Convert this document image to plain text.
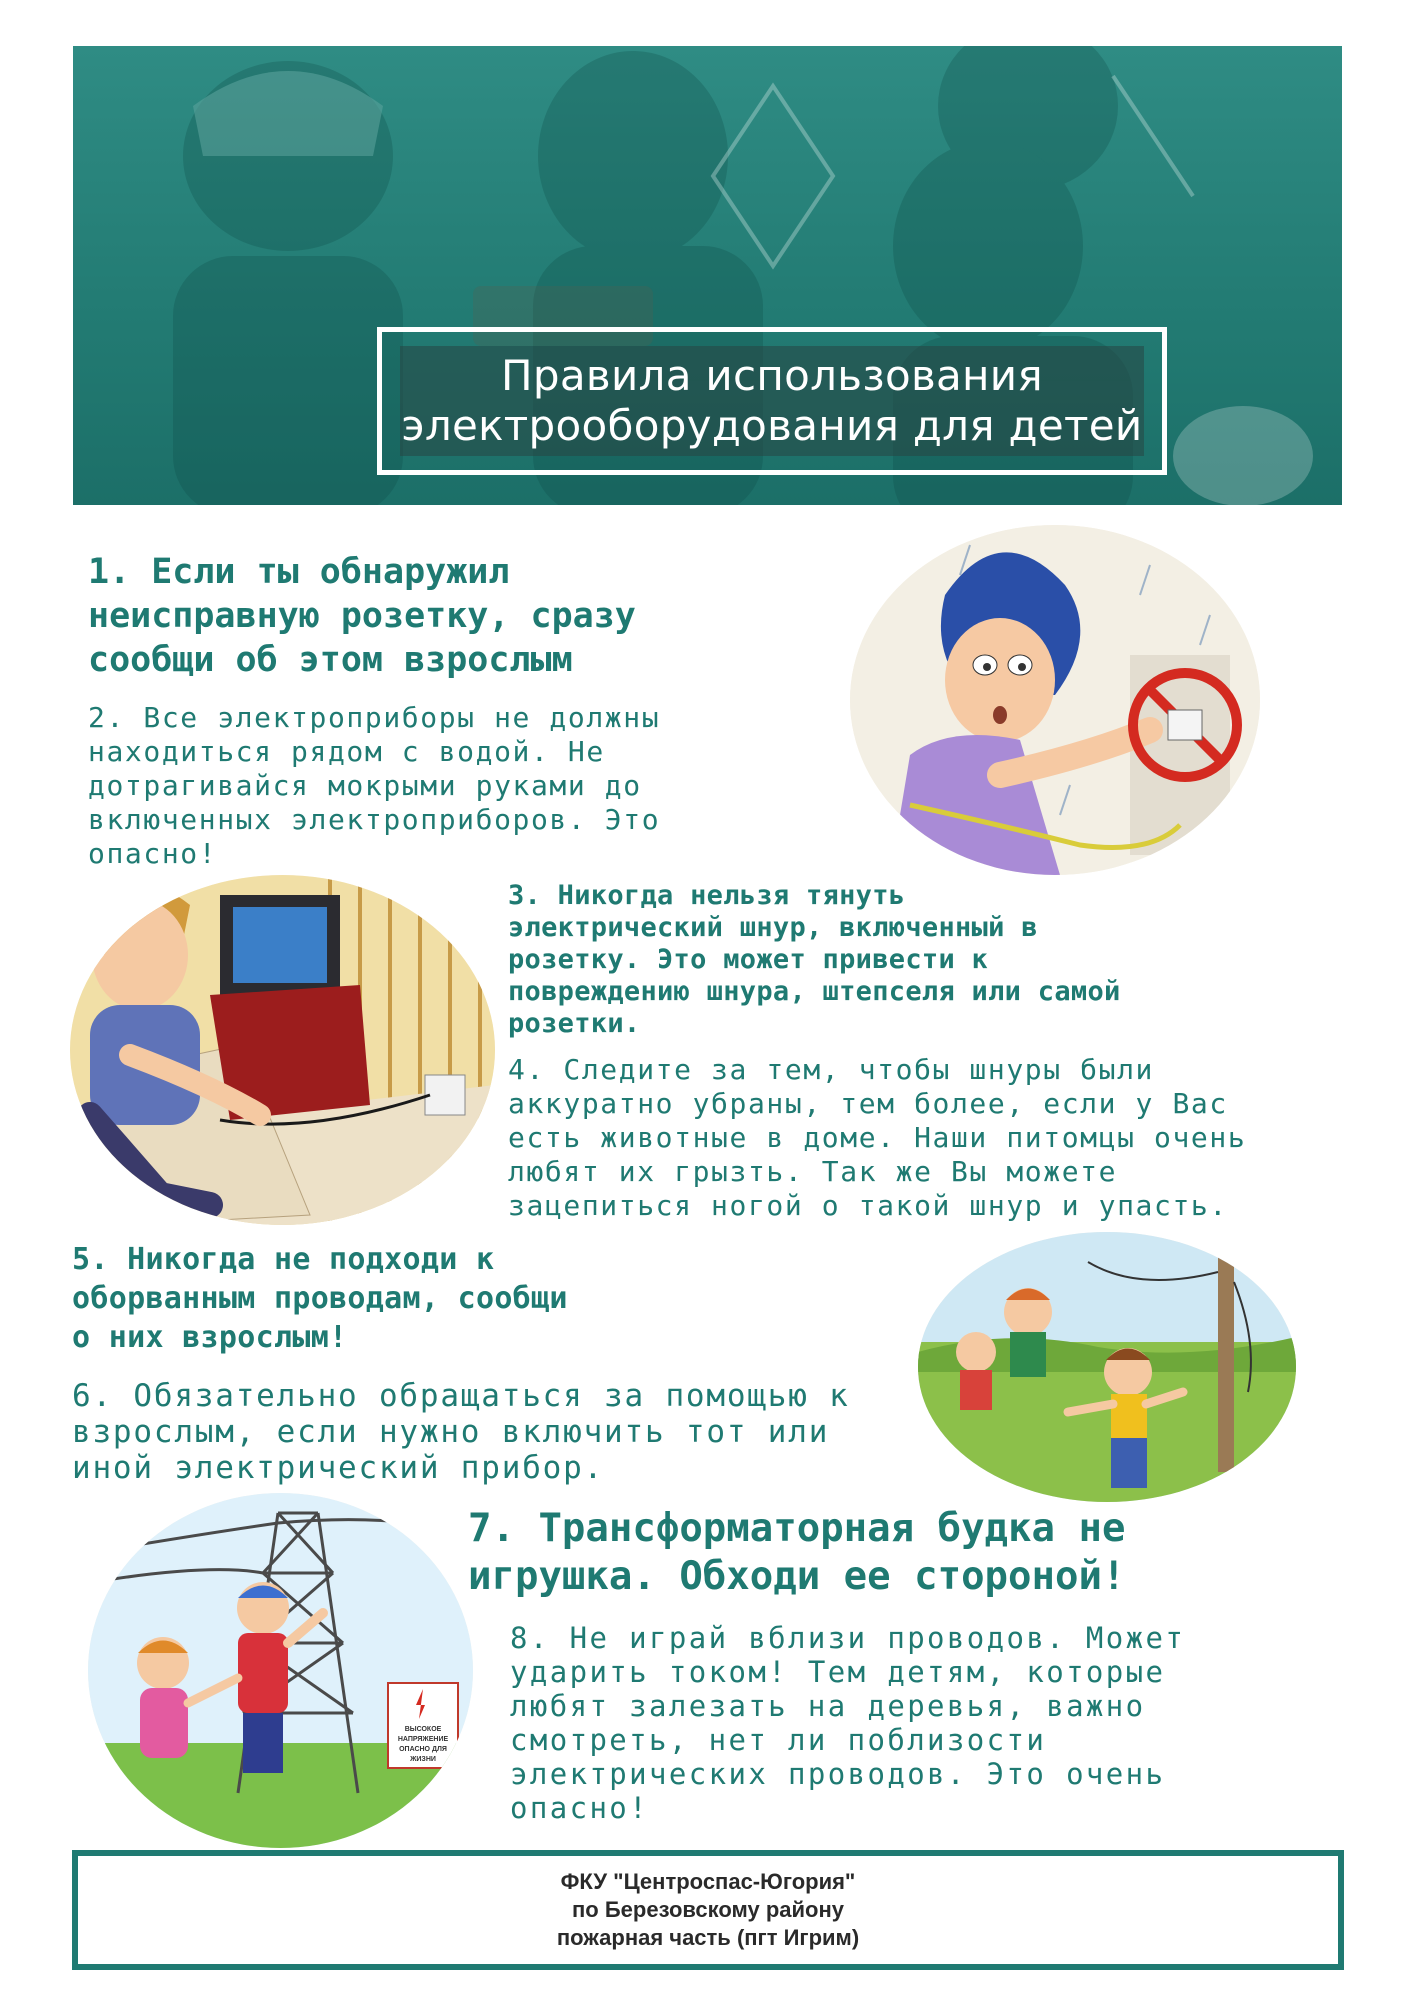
Правила использования
электрооборудования для детей
1. Если ты обнаружил
неисправную розетку, сразу
сообщи об этом взрослым
2. Все электроприборы не должны
находиться рядом с водой. Не
дотрагивайся мокрыми руками до
включенных электроприборов. Это
опасно!
3. Никогда нельзя тянуть
электрический шнур, включенный в
розетку. Это может привести к
повреждению шнура, штепселя или самой
розетки.
4. Следите за тем, чтобы шнуры были
аккуратно убраны, тем более, если у Вас
есть животные в доме. Наши питомцы очень
любят их грызть. Так же Вы можете
зацепиться ногой о такой шнур и упасть.
5. Никогда не подходи к
оборванным проводам, сообщи
о них взрослым!
6. Обязательно обращаться за помощью к
взрослым, если нужно включить тот или
иной электрический прибор.
ВЫСОКОЕ
НАПРЯЖЕНИЕ
ОПАСНО ДЛЯ
ЖИЗНИ
7. Трансформаторная будка не
игрушка. Обходи ее стороной!
8. Не играй вблизи проводов. Может
ударить током! Тем детям, которые
любят залезать на деревья, важно
смотреть, нет ли поблизости
электрических проводов. Это очень
опасно!
ФКУ "Центроспас-Югория"
по Березовскому району
пожарная часть (пгт Игрим)
